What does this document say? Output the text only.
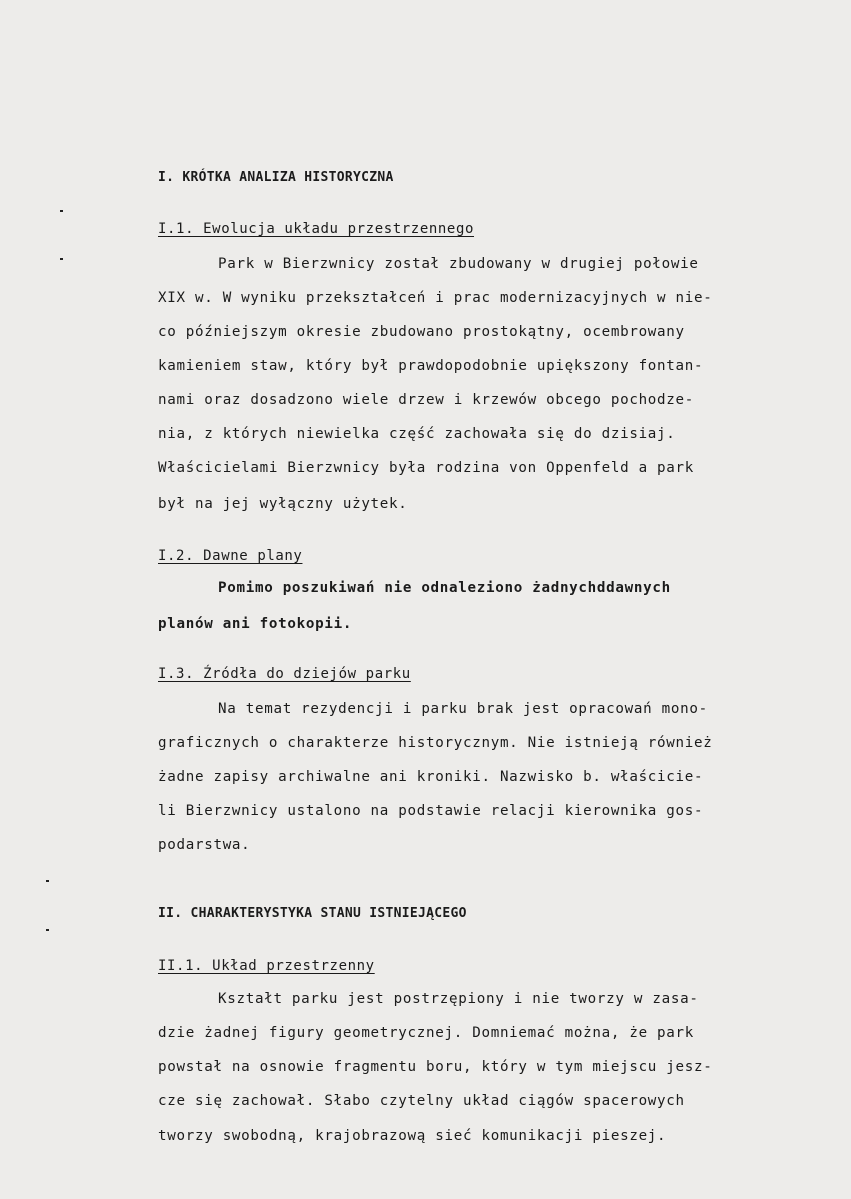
I. KRÓTKA ANALIZA HISTORYCZNA
I.1. Ewolucja układu przestrzennego
Park w Bierzwnicy został zbudowany w drugiej połowie
XIX w. W wyniku przekształceń i prac modernizacyjnych w nie-
co późniejszym okresie zbudowano prostokątny, ocembrowany
kamieniem staw, który był prawdopodobnie upiększony fontan-
nami oraz dosadzono wiele drzew i krzewów obcego pochodze-
nia, z których niewielka część zachowała się do dzisiaj.
Właścicielami Bierzwnicy była rodzina von Oppenfeld a park
był na jej wyłączny użytek.
I.2. Dawne plany
Pomimo poszukiwań nie odnaleziono żadnychddawnych
planów ani fotokopii.
I.3. Źródła do dziejów parku
Na temat rezydencji i parku brak jest opracowań mono-
graficznych o charakterze historycznym. Nie istnieją również
żadne zapisy archiwalne ani kroniki. Nazwisko b. właściciе-
li Bierzwnicy ustalono na podstawie relacji kierownika gos-
podarstwa.
II. CHARAKTERYSTYKA STANU ISTNIEJĄCEGO
II.1. Układ przestrzenny
Kształt parku jest postrzępiony i nie tworzy w zasa-
dzie żadnej figury geometrycznej. Domniemać można, że park
powstał na osnowie fragmentu boru, który w tym miejscu jesz-
cze się zachował. Słabo czytelny układ ciągów spacerowych
tworzy swobodną, krajobrazową sieć komunikacji pieszej.
